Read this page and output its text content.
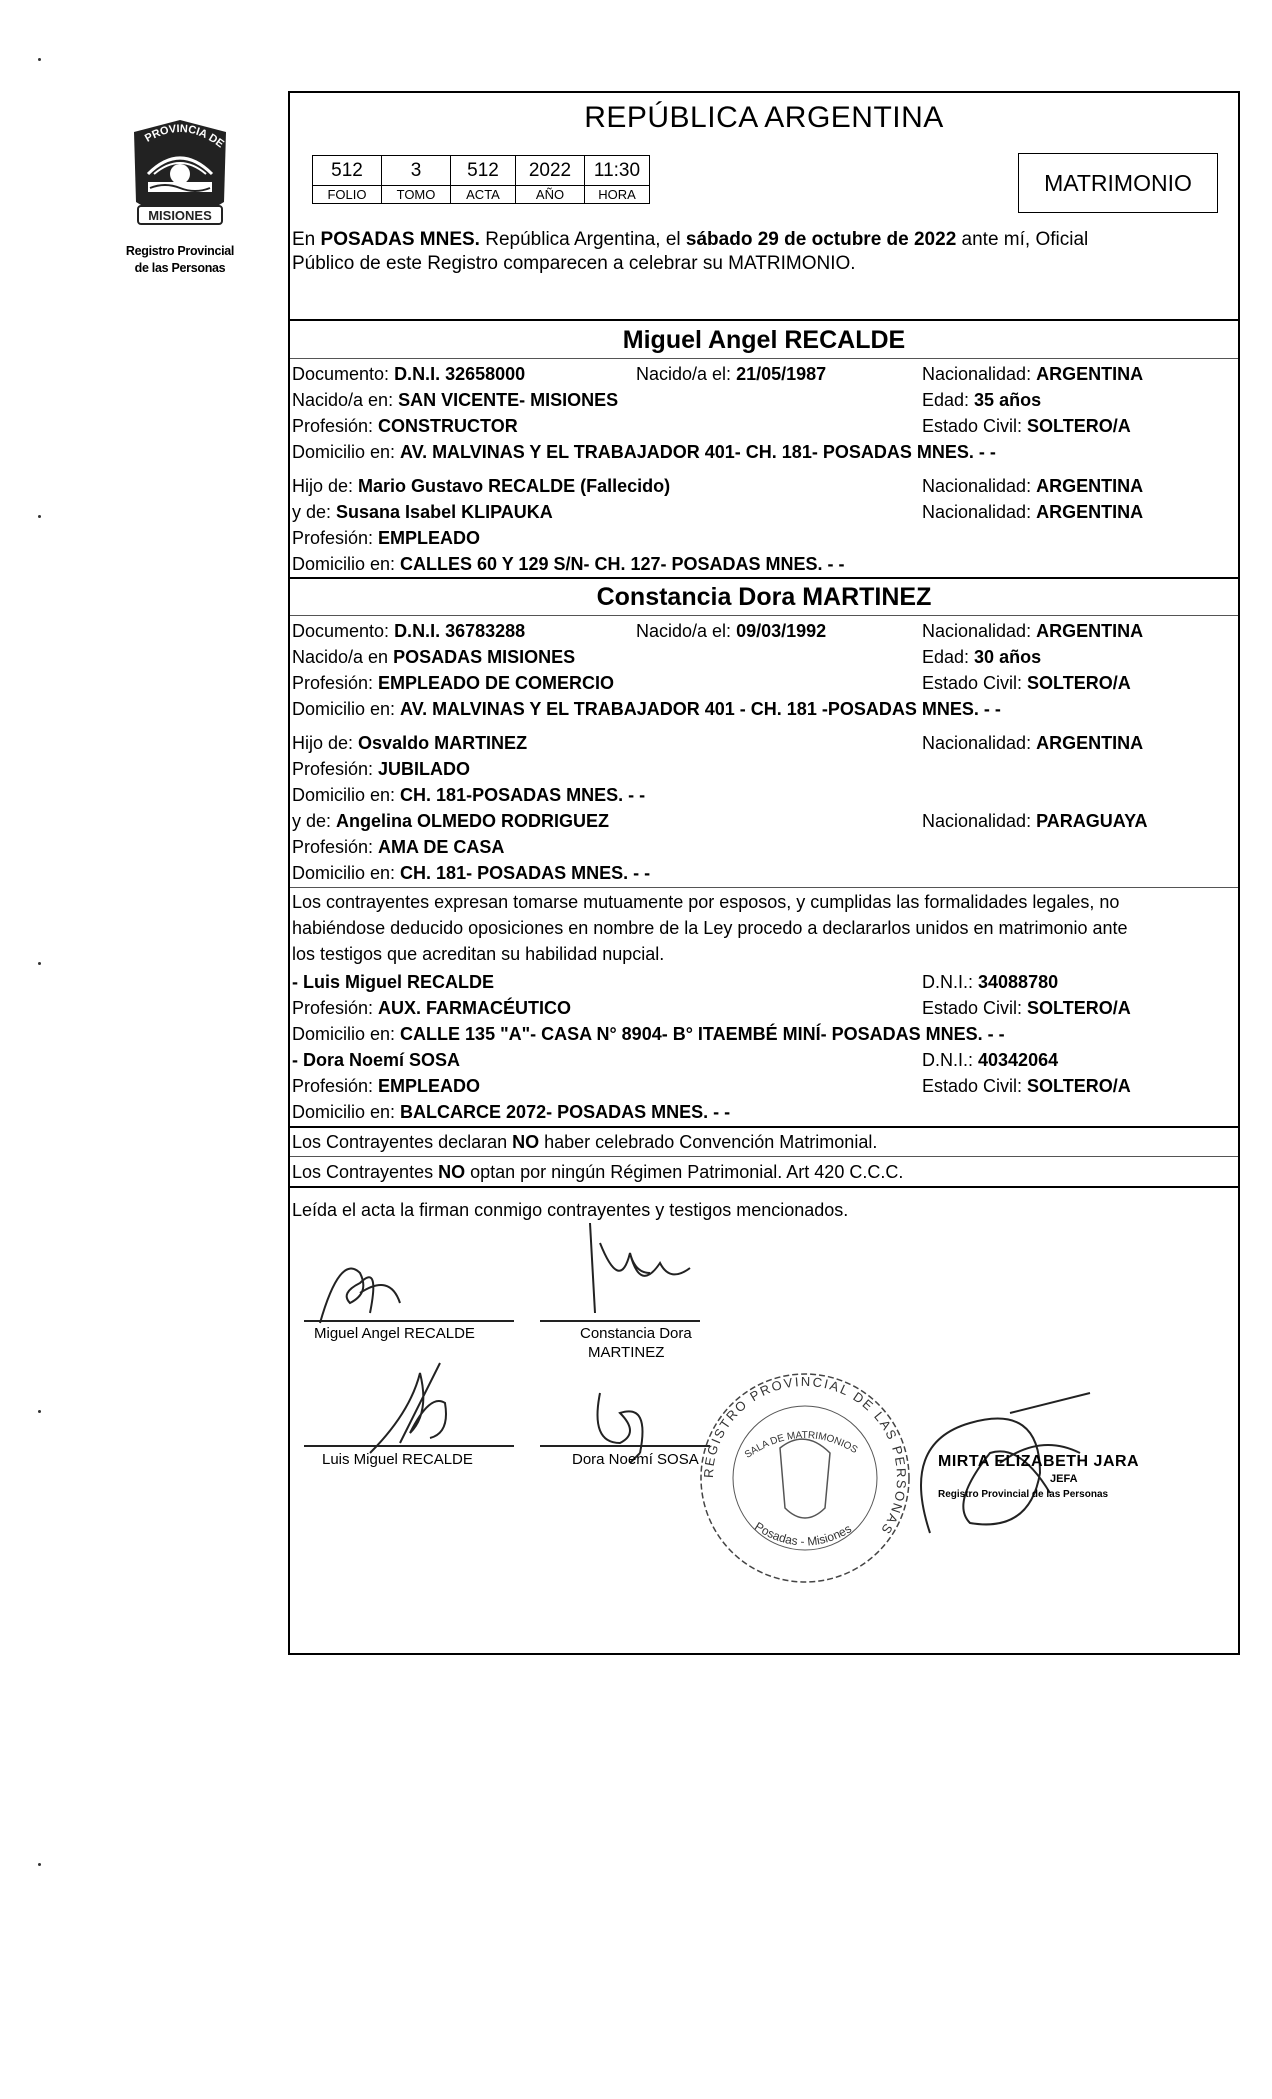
PROVINCIA DE
MISIONES
Registro Provincial
de las Personas
REPÚBLICA ARGENTINA
512	3	512	2022	11:30
FOLIO	TOMO	ACTA	AÑO	HORA	MATRIMONIO
En POSADAS MNES. República Argentina, el sábado 29 de octubre de 2022 ante mí, Oficial
Público de este Registro comparecen a celebrar su MATRIMONIO.
Miguel Angel RECALDE
Documento: D.N.I. 32658000	Nacido/a el: 21/05/1987	Nacionalidad: ARGENTINA
Nacido/a en: SAN VICENTE- MISIONES	Edad: 35 años
Profesión: CONSTRUCTOR	Estado Civil: SOLTERO/A
Domicilio en: AV. MALVINAS Y EL TRABAJADOR 401- CH. 181- POSADAS MNES. - -
Hijo de: Mario Gustavo RECALDE (Fallecido)	Nacionalidad: ARGENTINA
y de: Susana Isabel KLIPAUKA	Nacionalidad: ARGENTINA
Profesión: EMPLEADO
Domicilio en: CALLES 60 Y 129 S/N- CH. 127- POSADAS MNES. - -
Constancia Dora MARTINEZ
Documento: D.N.I. 36783288	Nacido/a el: 09/03/1992	Nacionalidad: ARGENTINA
Nacido/a en POSADAS MISIONES	Edad: 30 años
Profesión: EMPLEADO DE COMERCIO	Estado Civil: SOLTERO/A
Domicilio en: AV. MALVINAS Y EL TRABAJADOR 401 - CH. 181 -POSADAS MNES. - -
Hijo de: Osvaldo MARTINEZ	Nacionalidad: ARGENTINA
Profesión: JUBILADO
Domicilio en: CH. 181-POSADAS MNES. - -
y de: Angelina OLMEDO RODRIGUEZ	Nacionalidad: PARAGUAYA
Profesión: AMA DE CASA
Domicilio en: CH. 181- POSADAS MNES. - -
Los contrayentes expresan tomarse mutuamente por esposos, y cumplidas las formalidades legales, no
habiéndose deducido oposiciones en nombre de la Ley procedo a declararlos unidos en matrimonio ante
los testigos que acreditan su habilidad nupcial.
- Luis Miguel RECALDE	D.N.I.: 34088780
Profesión: AUX. FARMACÉUTICO	Estado Civil: SOLTERO/A
Domicilio en: CALLE 135 "A"- CASA N° 8904- B° ITAEMBÉ MINÍ- POSADAS MNES. - -
- Dora Noemí SOSA	D.N.I.: 40342064
Profesión: EMPLEADO	Estado Civil: SOLTERO/A
Domicilio en: BALCARCE 2072- POSADAS MNES. - -
Los Contrayentes declaran NO haber celebrado Convención Matrimonial.
Los Contrayentes NO optan por ningún Régimen Patrimonial. Art 420 C.C.C.
Leída el acta la firman conmigo contrayentes y testigos mencionados.
Miguel Angel RECALDE	Constancia Dora
MARTINEZ
Luis Miguel RECALDE	Dora Noemí SOSA
REGISTRO PROVINCIAL DE LAS PERSONAS
SALA DE MATRIMONIOS
Posadas - Misiones
MIRTA ELIZABETH JARA
JEFA
Registro Provincial de las Personas
